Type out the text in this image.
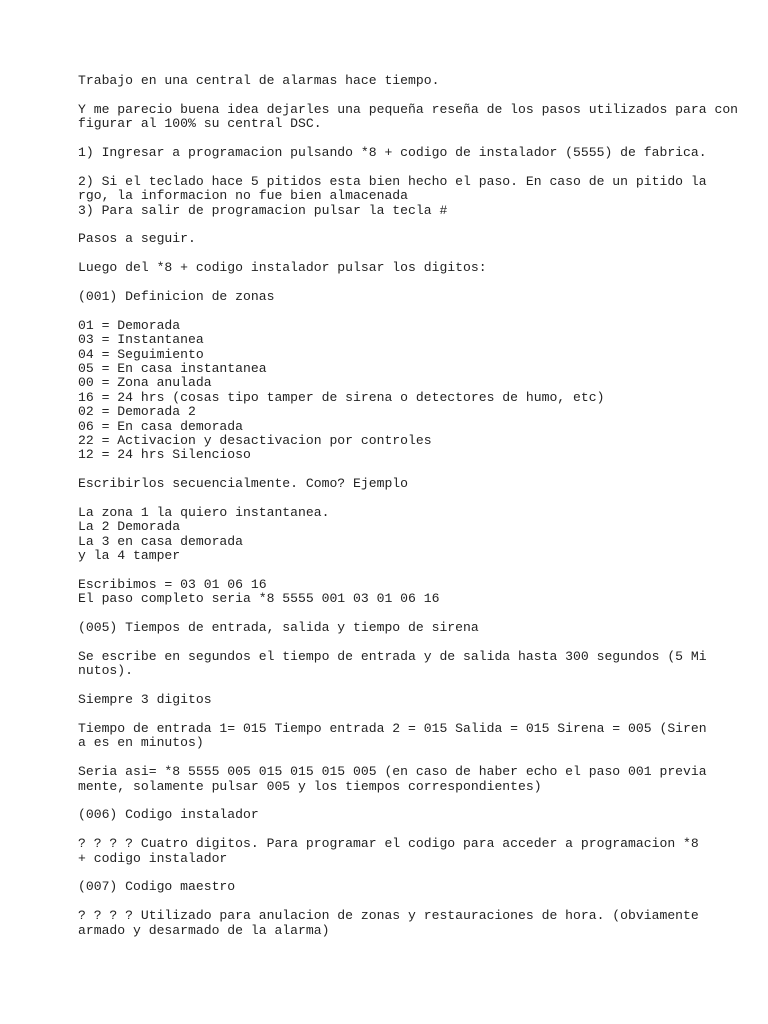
Trabajo en una central de alarmas hace tiempo.
Y me parecio buena idea dejarles una pequeña reseña de los pasos utilizados para con
figurar al 100% su central DSC.
1) Ingresar a programacion pulsando *8 + codigo de instalador (5555) de fabrica.
2) Si el teclado hace 5 pitidos esta bien hecho el paso. En caso de un pitido la
rgo, la informacion no fue bien almacenada
3) Para salir de programacion pulsar la tecla #
Pasos a seguir.
Luego del *8 + codigo instalador pulsar los digitos:
(001) Definicion de zonas
01 = Demorada
03 = Instantanea
04 = Seguimiento
05 = En casa instantanea
00 = Zona anulada
16 = 24 hrs (cosas tipo tamper de sirena o detectores de humo, etc)
02 = Demorada 2
06 = En casa demorada
22 = Activacion y desactivacion por controles
12 = 24 hrs Silencioso
Escribirlos secuencialmente. Como? Ejemplo
La zona 1 la quiero instantanea.
La 2 Demorada
La 3 en casa demorada
y la 4 tamper
Escribimos = 03 01 06 16
El paso completo seria *8 5555 001 03 01 06 16
(005) Tiempos de entrada, salida y tiempo de sirena
Se escribe en segundos el tiempo de entrada y de salida hasta 300 segundos (5 Mi
nutos).
Siempre 3 digitos
Tiempo de entrada 1= 015 Tiempo entrada 2 = 015 Salida = 015 Sirena = 005 (Siren
a es en minutos)
Seria asi= *8 5555 005 015 015 015 005 (en caso de haber echo el paso 001 previa
mente, solamente pulsar 005 y los tiempos correspondientes)
(006) Codigo instalador
? ? ? ? Cuatro digitos. Para programar el codigo para acceder a programacion *8
+ codigo instalador
(007) Codigo maestro
? ? ? ? Utilizado para anulacion de zonas y restauraciones de hora. (obviamente
armado y desarmado de la alarma)
